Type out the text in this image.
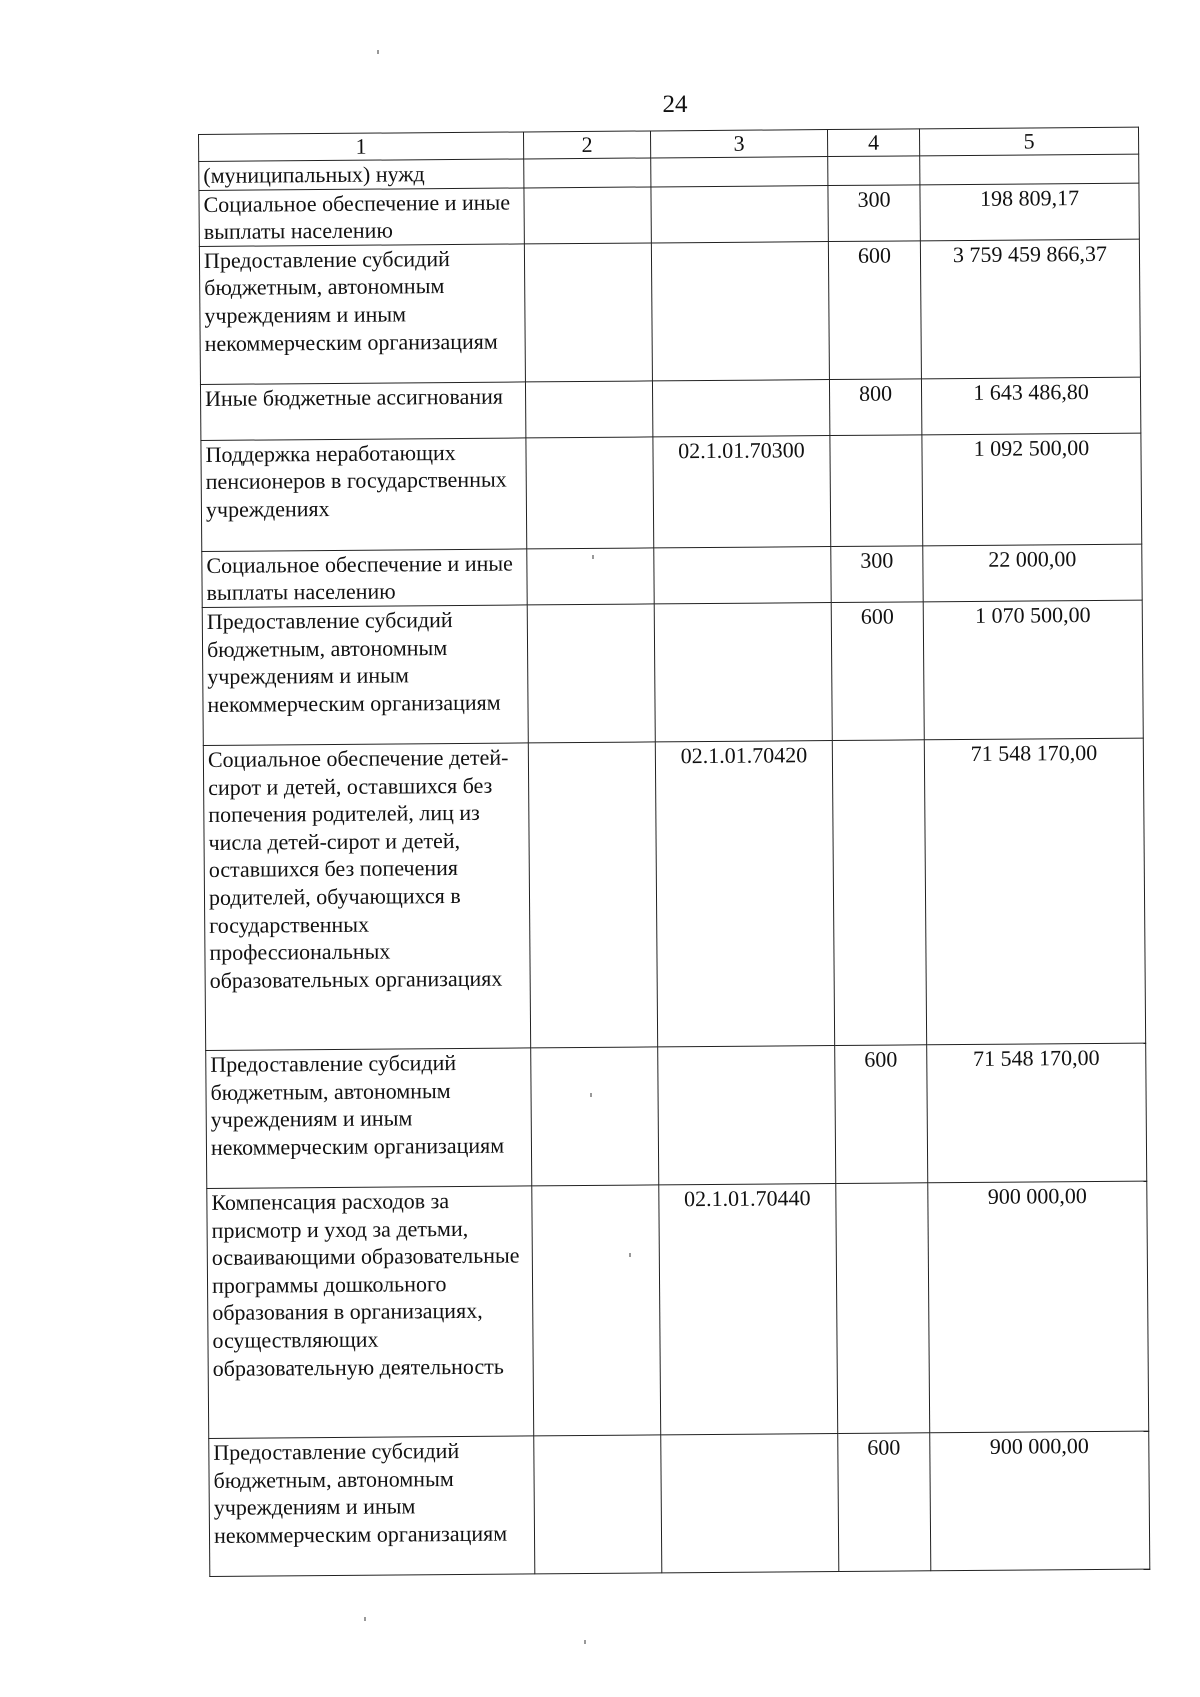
24
1	2	3	4	5
(муниципальных) нужд				
Социальное обеспечение и иные выплаты населению			300	198 809,17
Предоставление субсидий бюджетным, автономным учреждениям и иным некоммерческим организациям			600	3 759 459 866,37
Иные бюджетные ассигнования			800	1 643 486,80
Поддержка неработающих пенсионеров в государственных учреждениях		02.1.01.70300		1 092 500,00
Социальное обеспечение и иные выплаты населению			300	22 000,00
Предоставление субсидий бюджетным, автономным учреждениям и иным некоммерческим организациям			600	1 070 500,00
Социальное обеспечение детей-сирот и детей, оставшихся без попечения родителей, лиц из числа детей-сирот и детей, оставшихся без попечения родителей, обучающихся в государственных профессиональных образовательных организациях		02.1.01.70420		71 548 170,00
Предоставление субсидий бюджетным, автономным учреждениям и иным некоммерческим организациям			600	71 548 170,00
Компенсация расходов за присмотр и уход за детьми, осваивающими образовательные программы дошкольного образования в организациях, осуществляющих образовательную деятельность		02.1.01.70440		900 000,00
Предоставление субсидий бюджетным, автономным учреждениям и иным некоммерческим организациям			600	900 000,00
